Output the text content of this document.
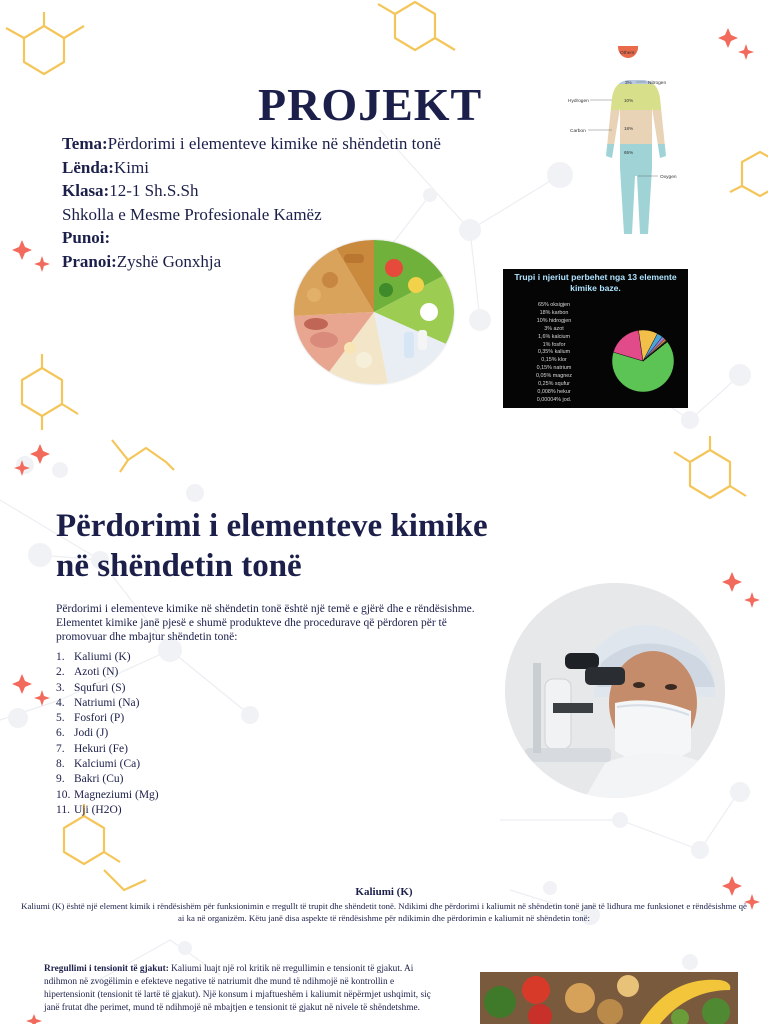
PROJEKT
Tema:Përdorimi i elementeve kimike në shëndetin tonë
Lënda:Kimi
Klasa:12-1 Sh.S.Sh
Shkolla e Mesme Profesionale Kamëz
Punoi:
Pranoi:Zyshë Gonxhja
Others
Nitrogen
Hydrogen
Carbon
Oxygen
3%
10%
18%
65%
Trupi i njeriut perbehet nga 13 elemente kimike baze.
65% oksigjen
18% karbon
10% hidrogjen
3% azot
1,6% kalcium
1% fosfor
0,35% kalium
0,15% klor
0,15% natrium
0,05% magnez
0,25% squfur
0,008% hekur
0,00004% jod.
Përdorimi i elementeve kimike në shëndetin tonë

Përdorimi i elementeve kimike në shëndetin tonë është një temë e gjërë dhe e rëndësishme. Elementet kimike janë pjesë e shumë produkteve dhe procedurave që përdoren për të promovuar dhe mbajtur shëndetin tonë:

1. Kaliumi (K)
2. Azoti (N)
3. Squfuri (S)
4. Natriumi (Na)
5. Fosfori (P)
6. Jodi (J)
7. Hekuri (Fe)
8. Kalciumi (Ca)
9. Bakri (Cu)
10. Magneziumi (Mg)
11. Uji (H2O)
Kaliumi (K)

Kaliumi (K) është një element kimik i rëndësishëm për funksionimin e rregullt të trupit dhe shëndetit tonë. Ndikimi dhe përdorimi i kaliumit në shëndetin tonë janë të lidhura me funksionet e rëndësishme që ai ka në organizëm. Këtu janë disa aspekte të rëndësishme për ndikimin dhe përdorimin e kaliumit në shëndetin tonë:

Rregullimi i tensionit të gjakut: Kaliumi luajt një rol kritik në rregullimin e tensionit të gjakut. Ai ndihmon në zvogëlimin e efekteve negative të natriumit dhe mund të ndihmojë në kontrollin e hipertensionit (tensionit të lartë të gjakut). Një konsum i mjaftueshëm i kaliumit nëpërmjet ushqimit, siç janë frutat dhe perimet, mund të ndihmojë në mbajtjen e tensionit të gjakut në nivele të shëndetshme.
